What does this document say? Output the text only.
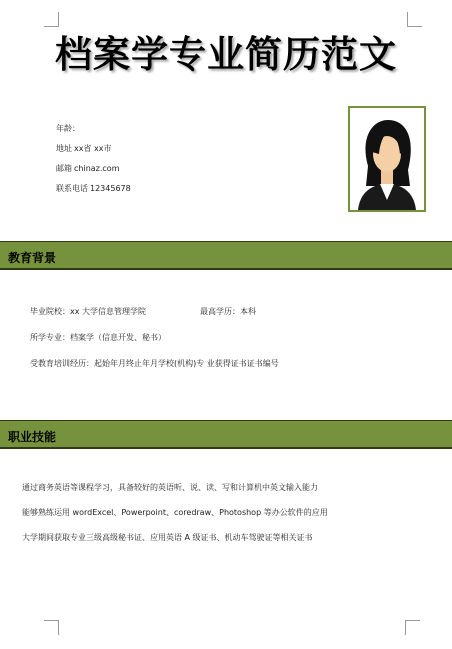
档案学专业简历范文
年龄：
地址 xx省 xx市
邮箱 chinaz.com
联系电话 12345678
教育背景
毕业院校：xx 大学信息管理学院	最高学历：本科
所学专业：档案学（信息开发、秘书）
受教育培训经历：起始年月终止年月学校(机构)专 业获得证书证书编号
职业技能
通过商务英语等课程学习，具备较好的英语听、说、读、写和计算机中英文输入能力
能够熟练运用 wordExcel、Powerpoint、coredraw、Photoshop 等办公软件的应用
大学期间获取专业三级高级秘书证、应用英语 A 级证书、机动车驾驶证等相关证书
